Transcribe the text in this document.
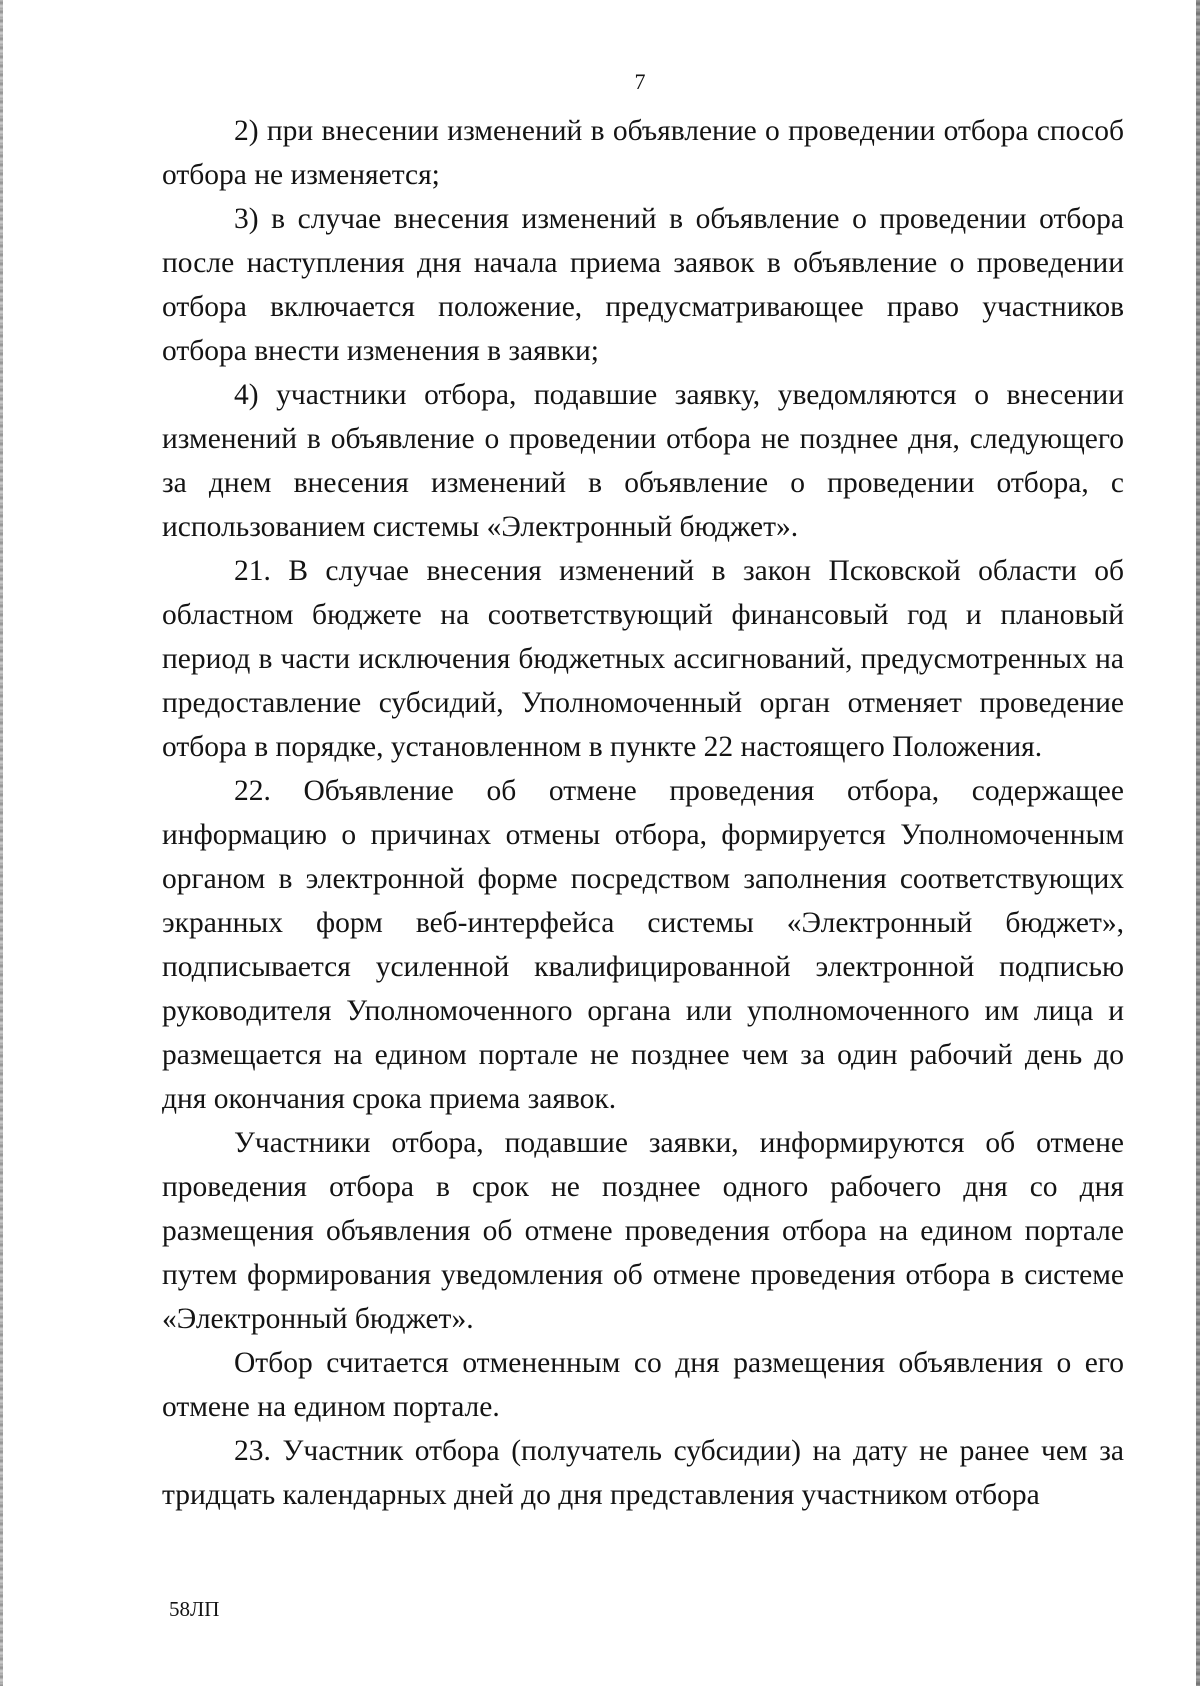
7

2) при внесении изменений в объявление о проведении отбора способ отбора не изменяется;

3) в случае внесения изменений в объявление о проведении отбора после наступления дня начала приема заявок в объявление о проведении отбора включается положение, предусматривающее право участников отбора внести изменения в заявки;

4) участники отбора, подавшие заявку, уведомляются о внесении изменений в объявление о проведении отбора не позднее дня, следующего за днем внесения изменений в объявление о проведении отбора, с использованием системы «Электронный бюджет».

21. В случае внесения изменений в закон Псковской области об областном бюджете на соответствующий финансовый год и плановый период в части исключения бюджетных ассигнований, предусмотренных на предоставление субсидий, Уполномоченный орган отменяет проведение отбора в порядке, установленном в пункте 22 настоящего Положения.

22. Объявление об отмене проведения отбора, содержащее информацию о причинах отмены отбора, формируется Уполномоченным органом в электронной форме посредством заполнения соответствующих экранных форм веб-интерфейса системы «Электронный бюджет», подписывается усиленной квалифицированной электронной подписью руководителя Уполномоченного органа или уполномоченного им лица и размещается на едином портале не позднее чем за один рабочий день до дня окончания срока приема заявок.

Участники отбора, подавшие заявки, информируются об отмене проведения отбора в срок не позднее одного рабочего дня со дня размещения объявления об отмене проведения отбора на едином портале путем формирования уведомления об отмене проведения отбора в системе «Электронный бюджет».

Отбор считается отмененным со дня размещения объявления о его отмене на едином портале.

23. Участник отбора (получатель субсидии) на дату не ранее чем за тридцать календарных дней до дня представления участником отбора

58ЛП
